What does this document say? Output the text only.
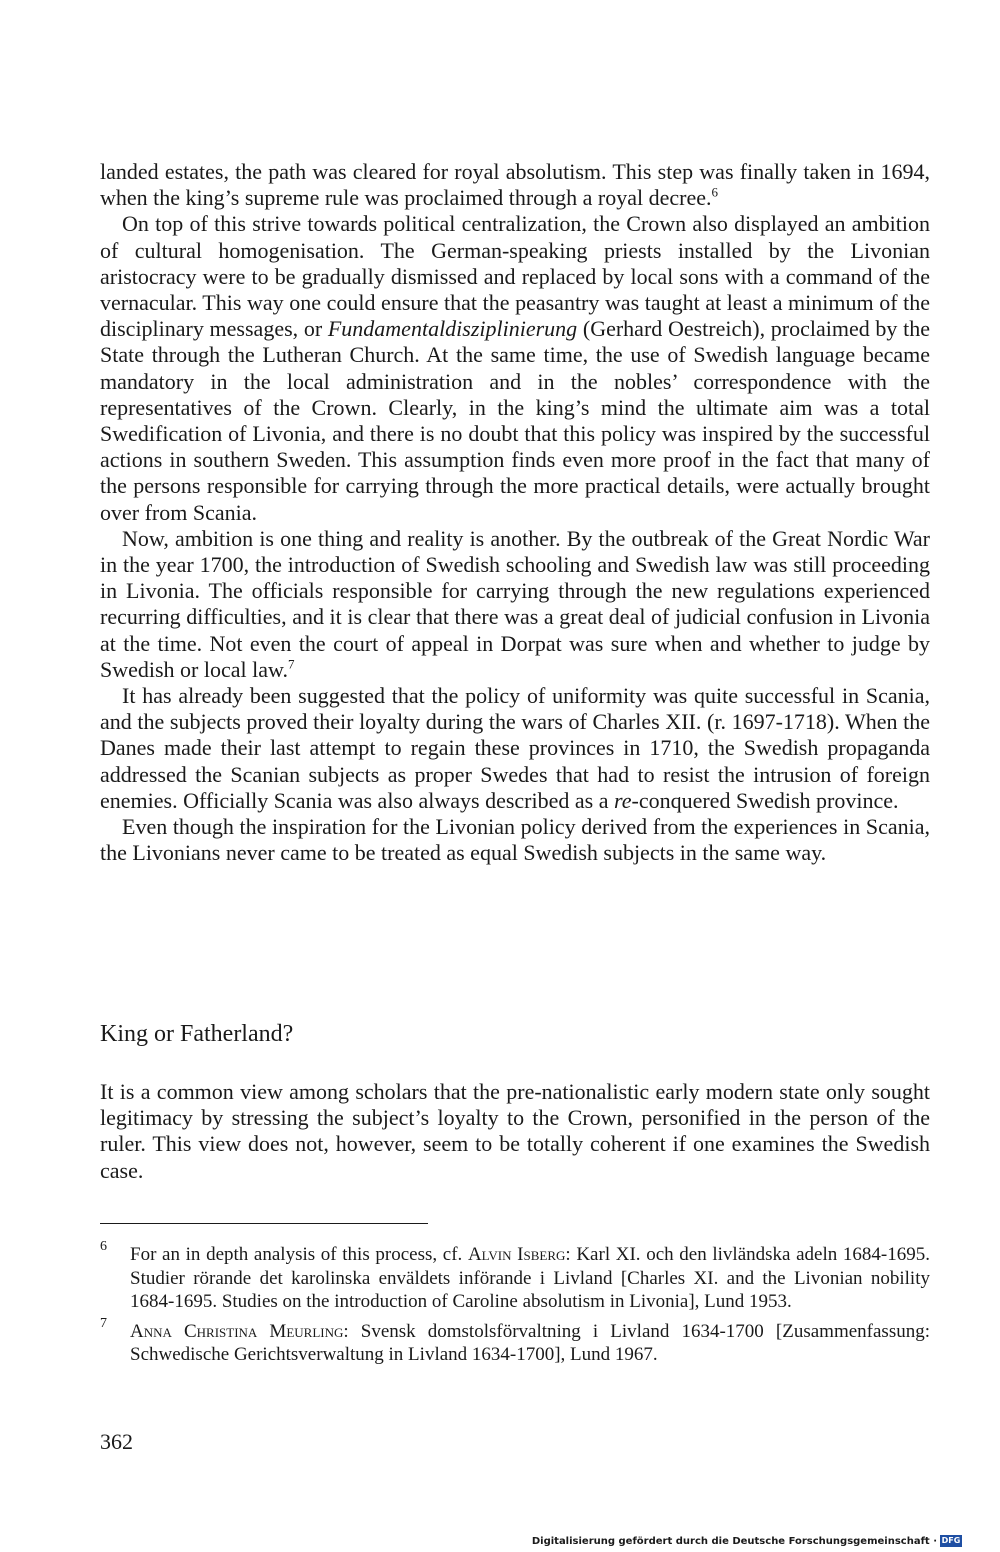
landed estates, the path was cleared for royal absolutism. This step was finally taken in 1694, when the king’s supreme rule was proclaimed through a royal decree.$^6$

On top of this strive towards political centralization, the Crown also displayed an ambition of cultural homogenisation. The German-speaking priests installed by the Livonian aristocracy were to be gradually dismissed and replaced by local sons with a command of the vernacular. This way one could ensure that the peasantry was taught at least a minimum of the disciplinary messages, or Fundamentaldisziplinierung (Gerhard Oestreich), proclaimed by the State through the Lutheran Church. At the same time, the use of Swedish language became mandatory in the local administration and in the nobles’ correspondence with the representatives of the Crown. Clearly, in the king’s mind the ultimate aim was a total Swedification of Livonia, and there is no doubt that this policy was inspired by the successful actions in southern Sweden. This assumption finds even more proof in the fact that many of the persons responsible for carrying through the more practical details, were actually brought over from Scania.

Now, ambition is one thing and reality is another. By the outbreak of the Great Nordic War in the year 1700, the introduction of Swedish schooling and Swedish law was still proceeding in Livonia. The officials responsible for carrying through the new regulations experienced recurring difficulties, and it is clear that there was a great deal of judicial confusion in Livonia at the time. Not even the court of appeal in Dorpat was sure when and whether to judge by Swedish or local law.$^7$

It has already been suggested that the policy of uniformity was quite successful in Scania, and the subjects proved their loyalty during the wars of Charles XII. (r. 1697-1718). When the Danes made their last attempt to regain these provinces in 1710, the Swedish propaganda addressed the Scanian subjects as proper Swedes that had to resist the intrusion of foreign enemies. Officially Scania was also always described as a re-conquered Swedish province.

Even though the inspiration for the Livonian policy derived from the experiences in Scania, the Livonians never came to be treated as equal Swedish subjects in the same way.

King or Fatherland?

It is a common view among scholars that the pre-nationalistic early modern state only sought legitimacy by stressing the subject’s loyalty to the Crown, personified in the person of the ruler. This view does not, however, seem to be totally coherent if one examines the Swedish case.

6 For an in depth analysis of this process, cf. Alvin Isberg: Karl XI. och den livländska adeln 1684-1695. Studier rörande det karolinska enväldets införande i Livland [Charles XI. and the Livonian nobility 1684-1695. Studies on the introduction of Caroline absolutism in Livonia], Lund 1953.
7 Anna Christina Meurling: Svensk domstolsförvaltning i Livland 1634-1700 [Zusammenfassung: Schwedische Gerichtsverwaltung in Livland 1634-1700], Lund 1967.
362
Digitalisierung gefördert durch die Deutsche Forschungsgemeinschaft · DFG
